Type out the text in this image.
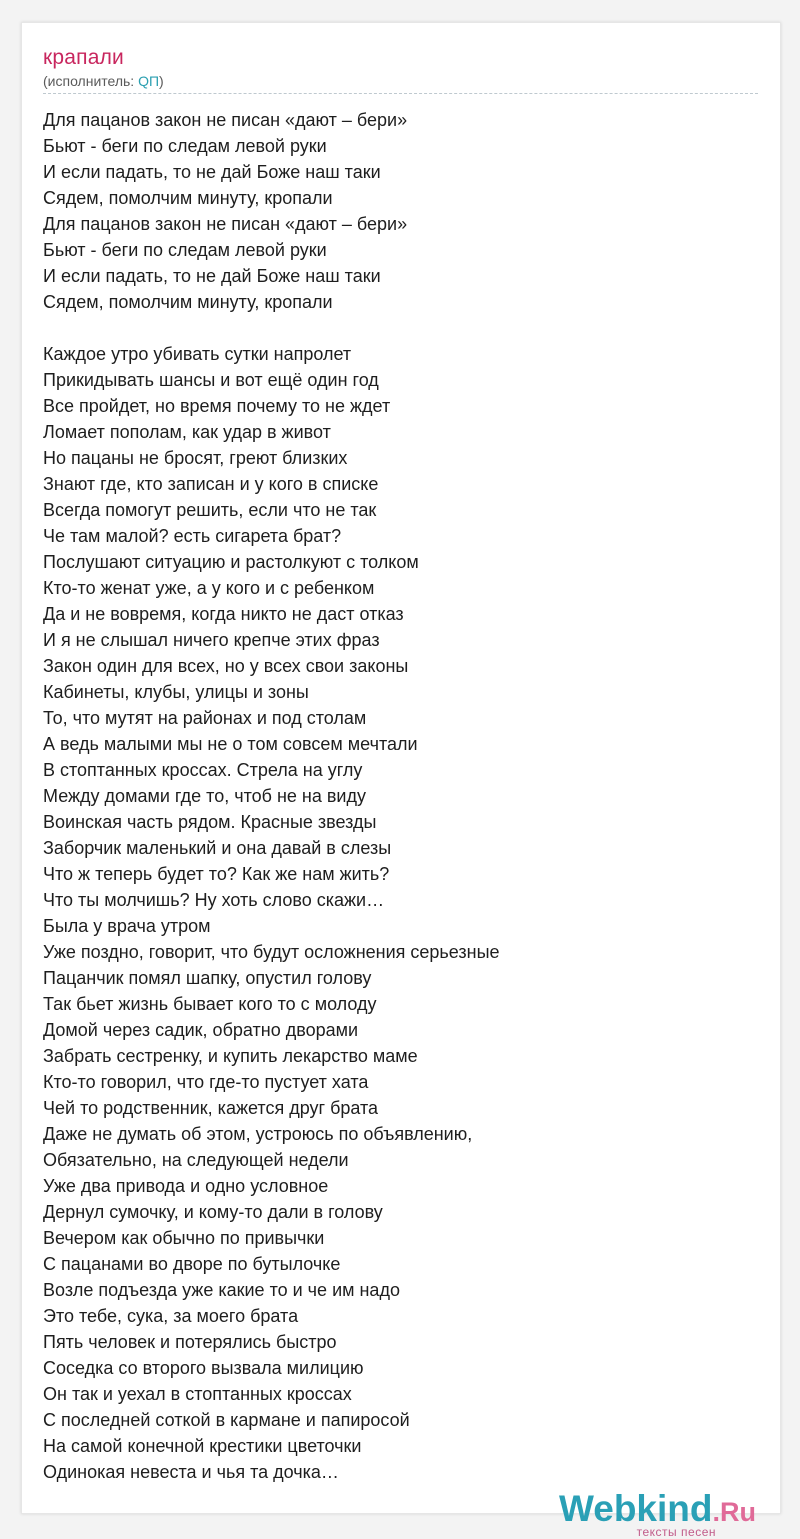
крапали
(исполнитель: QП)
Для пацанов закон не писан «дают – бери»
Бьют - беги по следам левой руки
И если падать, то не дай Боже наш таки
Сядем, помолчим минуту, кропали
Для пацанов закон не писан «дают – бери»
Бьют - беги по следам левой руки
И если падать, то не дай Боже наш таки
Сядем, помолчим минуту, кропали
Каждое утро убивать сутки напролет
Прикидывать шансы и вот ещё один год
Все пройдет, но время почему то не ждет
Ломает пополам, как удар в живот
Но пацаны не бросят, греют близких
Знают где, кто записан и у кого в списке
Всегда помогут решить, если что не так
Че там малой? есть сигарета брат?
Послушают ситуацию и растолкуют с толком
Кто-то женат уже, а у кого и с ребенком
Да и не вовремя, когда никто не даст отказ
И я не слышал ничего крепче этих фраз
Закон один для всех, но у всех свои законы
Кабинеты, клубы, улицы и зоны
То, что мутят на районах и под столам
А ведь малыми мы не о том совсем мечтали
В стоптанных кроссах. Стрела на углу
Между домами где то, чтоб не на виду
Воинская часть рядом. Красные звезды
Заборчик маленький и она давай в слезы
Что ж теперь будет то? Как же нам жить?
Что ты молчишь? Ну хоть слово скажи…
Была у врача утром
Уже поздно, говорит, что будут осложнения серьезные
Пацанчик помял шапку, опустил голову
Так бьет жизнь бывает кого то с молоду
Домой через садик, обратно дворами
Забрать сестренку, и купить лекарство маме
Кто-то говорил, что где-то пустует хата
Чей то родственник, кажется друг брата
Даже не думать об этом, устроюсь по объявлению,
Обязательно, на следующей недели
Уже два привода и одно условное
Дернул сумочку, и кому-то дали в голову
Вечером как обычно по привычки
С пацанами во дворе по бутылочке
Возле подъезда уже какие то и че им надо
Это тебе, сука, за моего брата
Пять человек и потерялись быстро
Соседка со второго вызвала милицию
Он так и уехал в стоптанных кроссах
С последней соткой в кармане и папиросой
На самой конечной крестики цветочки
Одинокая невеста и чья та дочка…
Webkind.Ru
тексты песен
